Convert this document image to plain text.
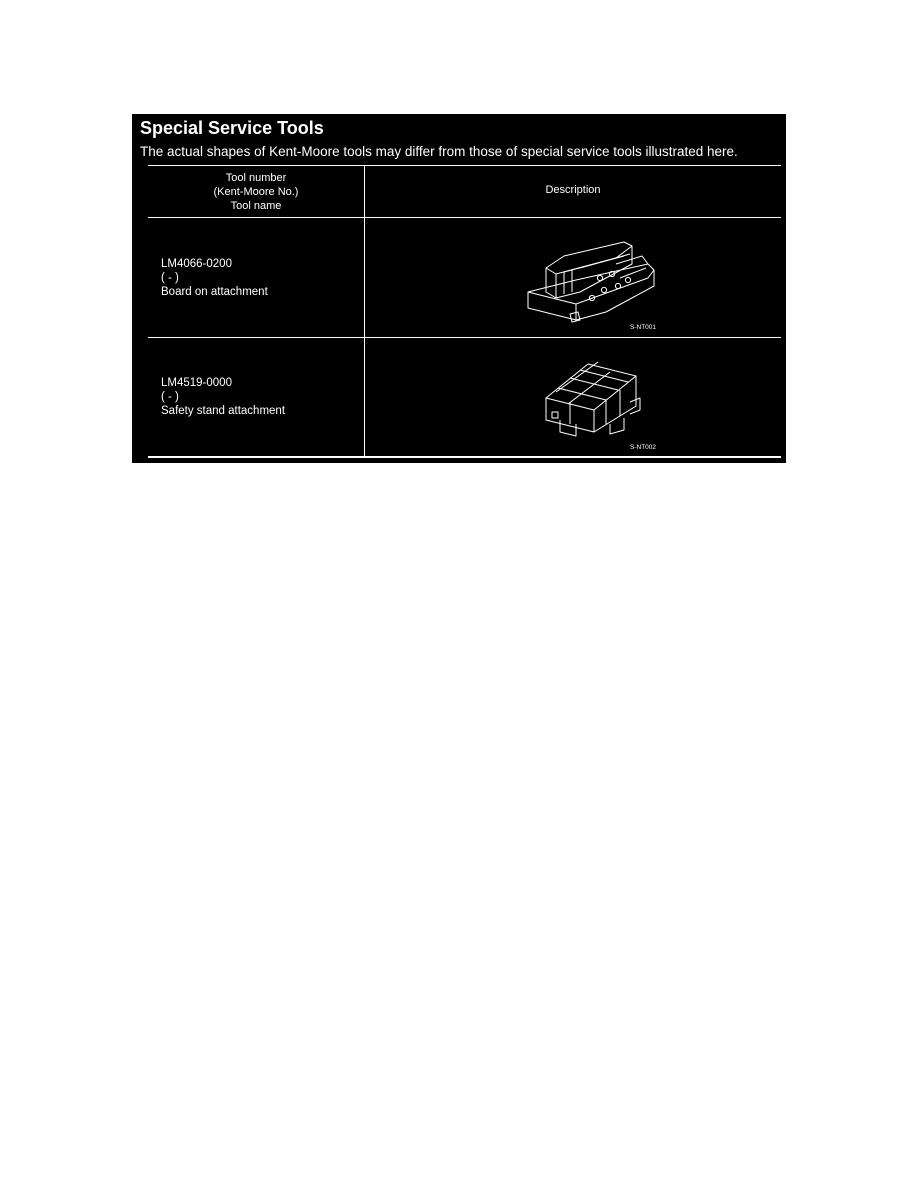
Special Service Tools
The actual shapes of Kent-Moore tools may differ from those of special service tools illustrated here.
Tool number
(Kent-Moore No.)
Tool name
Description
LM4066-0200
( - )
Board on attachment
S-NT001
LM4519-0000
( - )
Safety stand attachment
S-NT002
